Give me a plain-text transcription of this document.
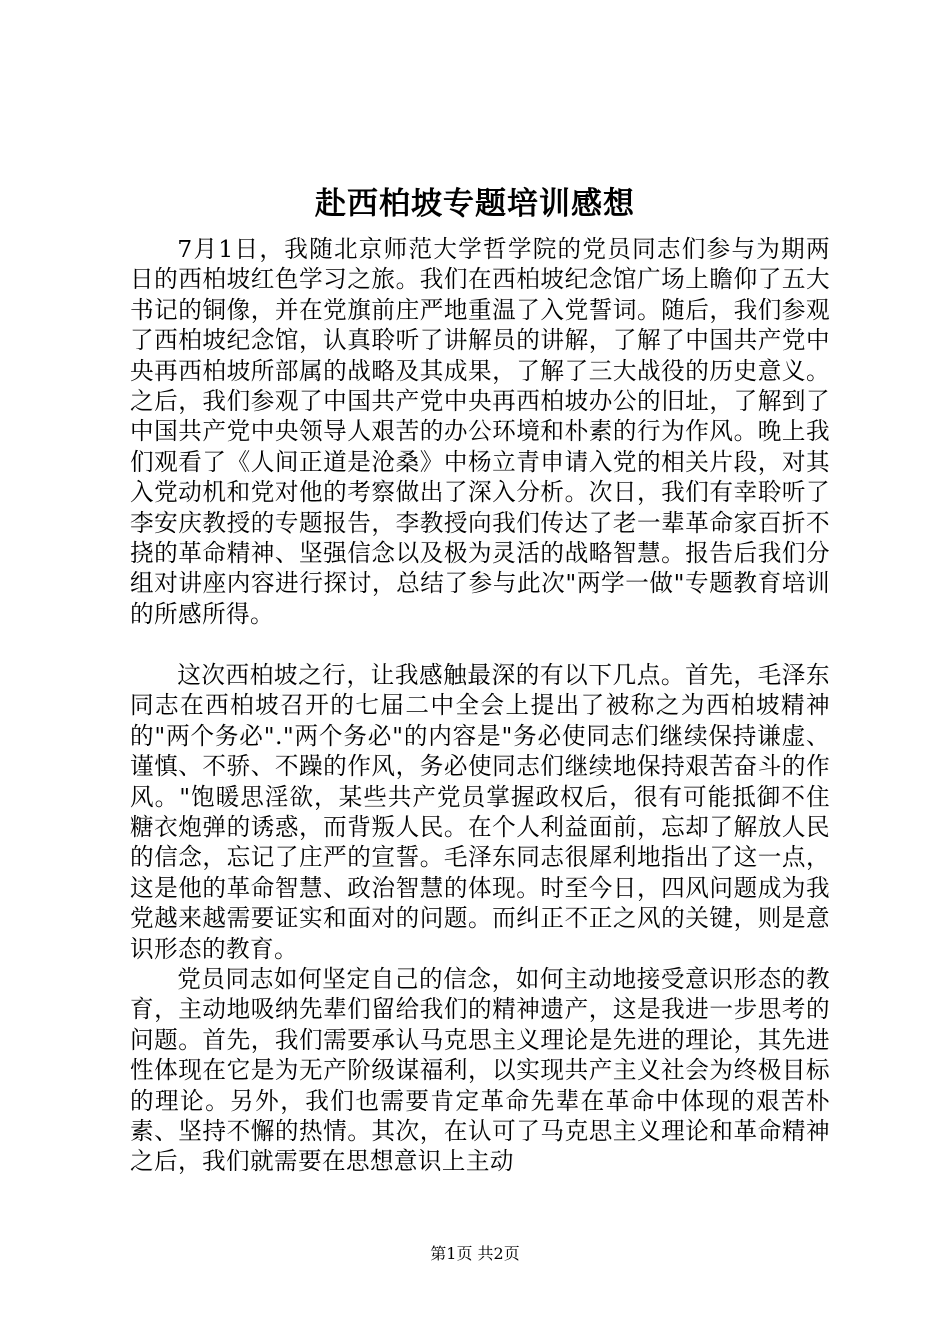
赴西柏坡专题培训感想

7月1日，我随北京师范大学哲学院的党员同志们参与为期两日的西柏坡红色学习之旅。我们在西柏坡纪念馆广场上瞻仰了五大书记的铜像，并在党旗前庄严地重温了入党誓词。随后，我们参观了西柏坡纪念馆，认真聆听了讲解员的讲解，了解了中国共产党中央再西柏坡所部属的战略及其成果，了解了三大战役的历史意义。之后，我们参观了中国共产党中央再西柏坡办公的旧址，了解到了中国共产党中央领导人艰苦的办公环境和朴素的行为作风。晚上我们观看了《人间正道是沧桑》中杨立青申请入党的相关片段，对其入党动机和党对他的考察做出了深入分析。次日，我们有幸聆听了李安庆教授的专题报告，李教授向我们传达了老一辈革命家百折不挠的革命精神、坚强信念以及极为灵活的战略智慧。报告后我们分组对讲座内容进行探讨，总结了参与此次"两学一做"专题教育培训的所感所得。

这次西柏坡之行，让我感触最深的有以下几点。首先，毛泽东同志在西柏坡召开的七届二中全会上提出了被称之为西柏坡精神的"两个务必"."两个务必"的内容是"务必使同志们继续保持谦虚、谨慎、不骄、不躁的作风，务必使同志们继续地保持艰苦奋斗的作风。"饱暖思淫欲，某些共产党员掌握政权后，很有可能抵御不住糖衣炮弹的诱惑，而背叛人民。在个人利益面前，忘却了解放人民的信念，忘记了庄严的宣誓。毛泽东同志很犀利地指出了这一点，这是他的革命智慧、政治智慧的体现。时至今日，四风问题成为我党越来越需要证实和面对的问题。而纠正不正之风的关键，则是意识形态的教育。

党员同志如何坚定自己的信念，如何主动地接受意识形态的教育，主动地吸纳先辈们留给我们的精神遗产，这是我进一步思考的问题。首先，我们需要承认马克思主义理论是先进的理论，其先进性体现在它是为无产阶级谋福利，以实现共产主义社会为终极目标的理论。另外，我们也需要肯定革命先辈在革命中体现的艰苦朴素、坚持不懈的热情。其次，在认可了马克思主义理论和革命精神之后，我们就需要在思想意识上主动

第1页 共2页
